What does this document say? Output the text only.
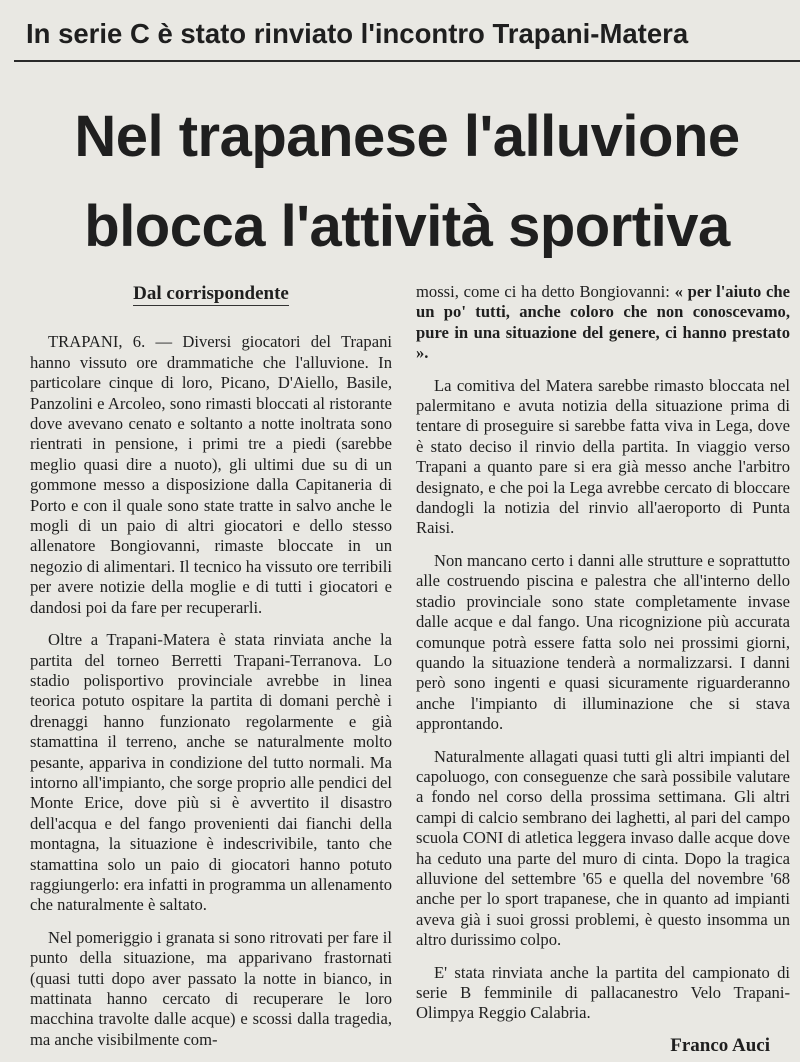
In serie C è stato rinviato l'incontro Trapani-Matera
Nel trapanese l'alluvione
blocca l'attività sportiva
Dal corrispondente

TRAPANI, 6. — Diversi giocatori del Trapani hanno vissuto ore drammatiche che l'alluvione. In particolare cinque di loro, Picano, D'Aiello, Basile, Panzolini e Arcoleo, sono rimasti bloccati al ristorante dove avevano cenato e soltanto a notte inoltrata sono rientrati in pensione, i primi tre a piedi (sarebbe meglio quasi dire a nuoto), gli ultimi due su di un gommone messo a disposizione dalla Capitaneria di Porto e con il quale sono state tratte in salvo anche le mogli di un paio di altri giocatori e dello stesso allenatore Bongiovanni, rimaste bloccate in un negozio di alimentari. Il tecnico ha vissuto ore terribili per avere notizie della moglie e di tutti i giocatori e dandosi poi da fare per recuperarli.

Oltre a Trapani-Matera è stata rinviata anche la partita del torneo Berretti Trapani-Terranova. Lo stadio polisportivo provinciale avrebbe in linea teorica potuto ospitare la partita di domani perchè i drenaggi hanno funzionato regolarmente e già stamattina il terreno, anche se naturalmente molto pesante, appariva in condizione del tutto normali. Ma intorno all'impianto, che sorge proprio alle pendici del Monte Erice, dove più si è avvertito il disastro dell'acqua e del fango provenienti dai fianchi della montagna, la situazione è indescrivibile, tanto che stamattina solo un paio di giocatori hanno potuto raggiungerlo: era infatti in programma un allenamento che naturalmente è saltato.

Nel pomeriggio i granata si sono ritrovati per fare il punto della situazione, ma apparivano frastornati (quasi tutti dopo aver passato la notte in bianco, in mattinata hanno cercato di recuperare le loro macchina travolte dalle acque) e scossi dalla tragedia, ma anche visibilmente com-

mossi, come ci ha detto Bongiovanni: « per l'aiuto che un po' tutti, anche coloro che non conoscevamo, pure in una situazione del genere, ci hanno prestato ».

La comitiva del Matera sarebbe rimasto bloccata nel palermitano e avuta notizia della situazione prima di tentare di proseguire si sarebbe fatta viva in Lega, dove è stato deciso il rinvio della partita. In viaggio verso Trapani a quanto pare si era già messo anche l'arbitro designato, e che poi la Lega avrebbe cercato di bloccare dandogli la notizia del rinvio all'aeroporto di Punta Raisi.

Non mancano certo i danni alle strutture e soprattutto alle costruendo piscina e palestra che all'interno dello stadio provinciale sono state completamente invase dalle acque e dal fango. Una ricognizione più accurata comunque potrà essere fatta solo nei prossimi giorni, quando la situazione tenderà a normalizzarsi. I danni però sono ingenti e quasi sicuramente riguarderanno anche l'impianto di illuminazione che si stava approntando.

Naturalmente allagati quasi tutti gli altri impianti del capoluogo, con conseguenze che sarà possibile valutare a fondo nel corso della prossima settimana. Gli altri campi di calcio sembrano dei laghetti, al pari del campo scuola CONI di atletica leggera invaso dalle acque dove ha ceduto una parte del muro di cinta. Dopo la tragica alluvione del settembre '65 e quella del novembre '68 anche per lo sport trapanese, che in quanto ad impianti aveva già i suoi grossi problemi, è questo insomma un altro durissimo colpo.

E' stata rinviata anche la partita del campionato di serie B femminile di pallacanestro Velo Trapani-Olimpya Reggio Calabria.

Franco Auci
